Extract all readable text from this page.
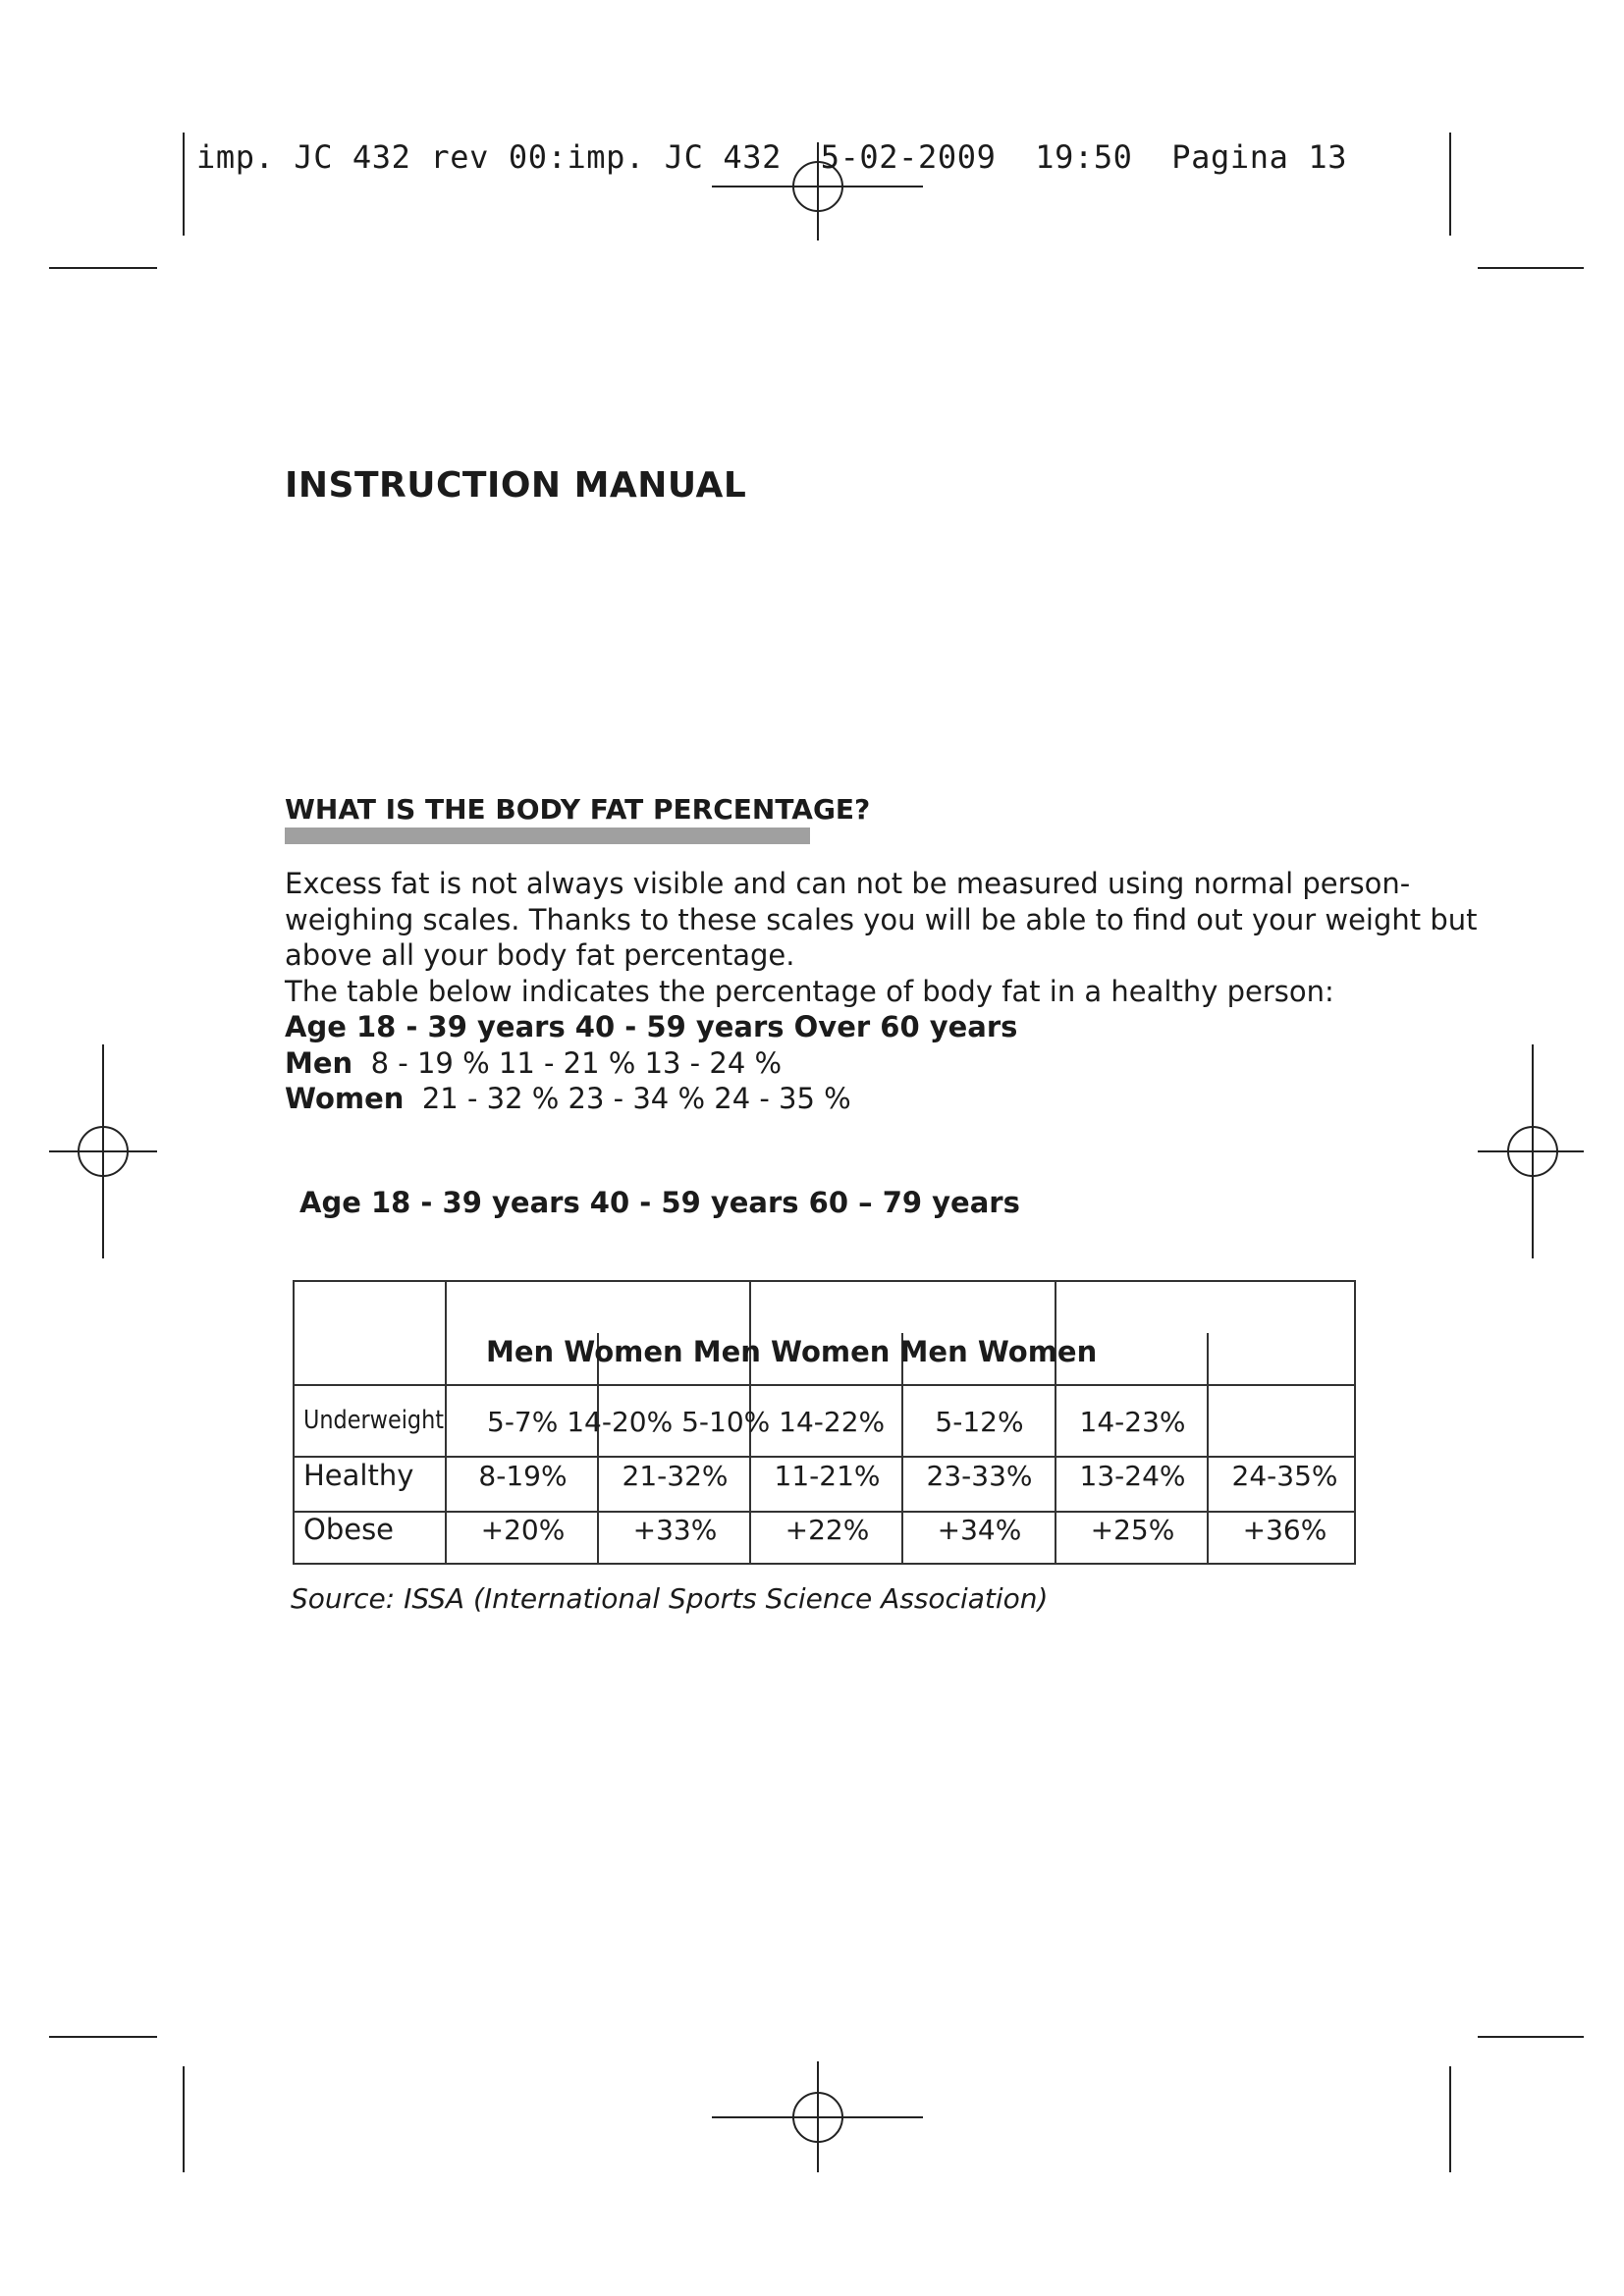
imp. JC 432 rev 00:imp. JC 432  5-02-2009  19:50  Pagina 13
INSTRUCTION MANUAL
WHAT IS THE BODY FAT PERCENTAGE?
Excess fat is not always visible and can not be measured using normal person-
weighing scales. Thanks to these scales you will be able to find out your weight but
above all your body fat percentage.
The table below indicates the percentage of body fat in a healthy person:
Age 18 - 39 years 40 - 59 years Over 60 years
Men 8 - 19 % 11 - 21 % 13 - 24 %
Women 21 - 32 % 23 - 34 % 24 - 35 %
Age 18 - 39 years 40 - 59 years 60 – 79 years
Men Women Men Women Men Women
Underweight 5-7% 14-20% 5-10% 14-22%	5-12%	14-23%
Healthy	8-19%	21-32%	11-21%	23-33%	13-24%	24-35%
Obese	+20%	+33%	+22%	+34%	+25%	+36%
Source: ISSA (International Sports Science Association)
